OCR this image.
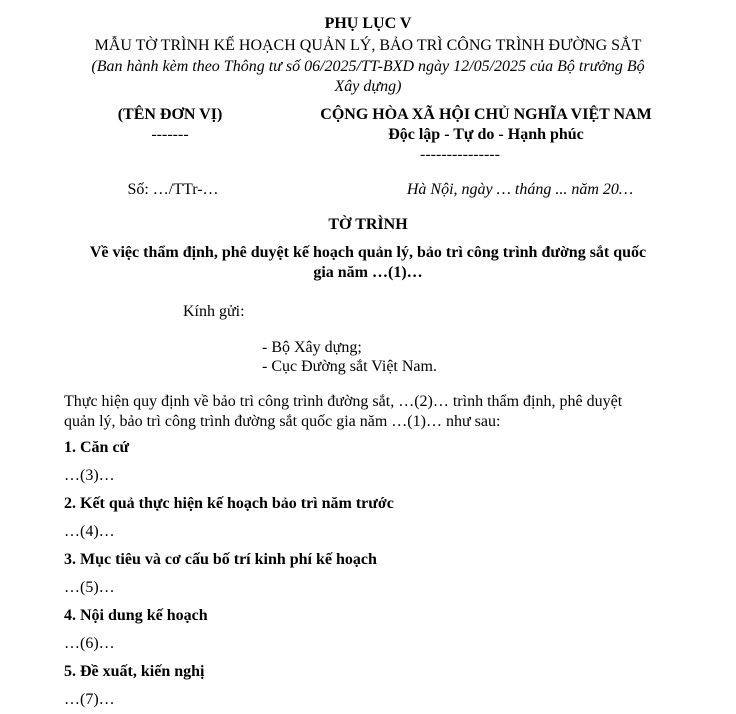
PHỤ LỤC V
MẪU TỜ TRÌNH KẾ HOẠCH QUẢN LÝ, BẢO TRÌ CÔNG TRÌNH ĐƯỜNG SẮT
(Ban hành kèm theo Thông tư số 06/2025/TT-BXD ngày 12/05/2025 của Bộ trưởng Bộ
Xây dựng)
(TÊN ĐƠN VỊ)
-------
CỘNG HÒA XÃ HỘI CHỦ NGHĨA VIỆT NAM
Độc lập - Tự do - Hạnh phúc
---------------
Số: …/TTr-…	Hà Nội, ngày … tháng ... năm 20…
TỜ TRÌNH
Về việc thẩm định, phê duyệt kế hoạch quản lý, bảo trì công trình đường sắt quốc
gia năm …(1)…
Kính gửi:
- Bộ Xây dựng;
- Cục Đường sắt Việt Nam.
Thực hiện quy định về bảo trì công trình đường sắt, …(2)… trình thẩm định, phê duyệt
quản lý, bảo trì công trình đường sắt quốc gia năm …(1)… như sau:
1. Căn cứ
…(3)…
2. Kết quả thực hiện kế hoạch bảo trì năm trước
…(4)…
3. Mục tiêu và cơ cấu bố trí kinh phí kế hoạch
…(5)…
4. Nội dung kế hoạch
…(6)…
5. Đề xuất, kiến nghị
…(7)…
